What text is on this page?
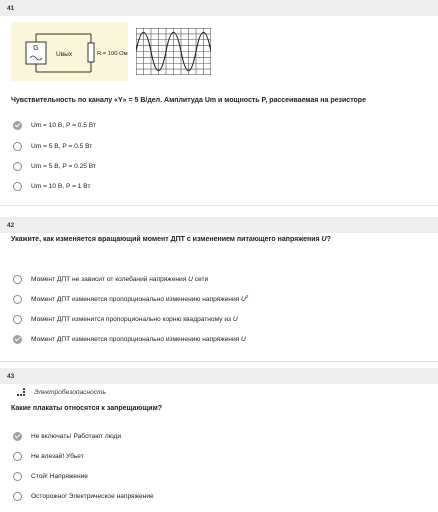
41
G
Uвых	R = 100 Ом
Чувствительность по каналу «Y» = 5 В/дел. Амплитуда Um и мощность P, рассеиваемая на резисторе
Um = 10 В, P = 0.5 Вт
Um = 5 В, P = 0.5 Вт
Um = 5 В, P = 0.25 Вт
Um = 10 В, P = 1 Вт
42
Укажите, как изменяется вращающий момент ДПТ с изменением питающего напряжения U?
Момент ДПТ не зависит от колебаний напряжения U сети
Момент ДПТ изменяется пропорционально изменению напряжения $U^2$
Момент ДПТ изменится пропорционально корню квадратному из U
Момент ДПТ изменяется пропорционально изменению напряжения U
43
Электробезопасность
Какие плакаты относятся к запрещающим?
Не включать! Работают люди
Не влезай! Убьет
Стой! Напряжение
Осторожно! Электрическое напряжение
